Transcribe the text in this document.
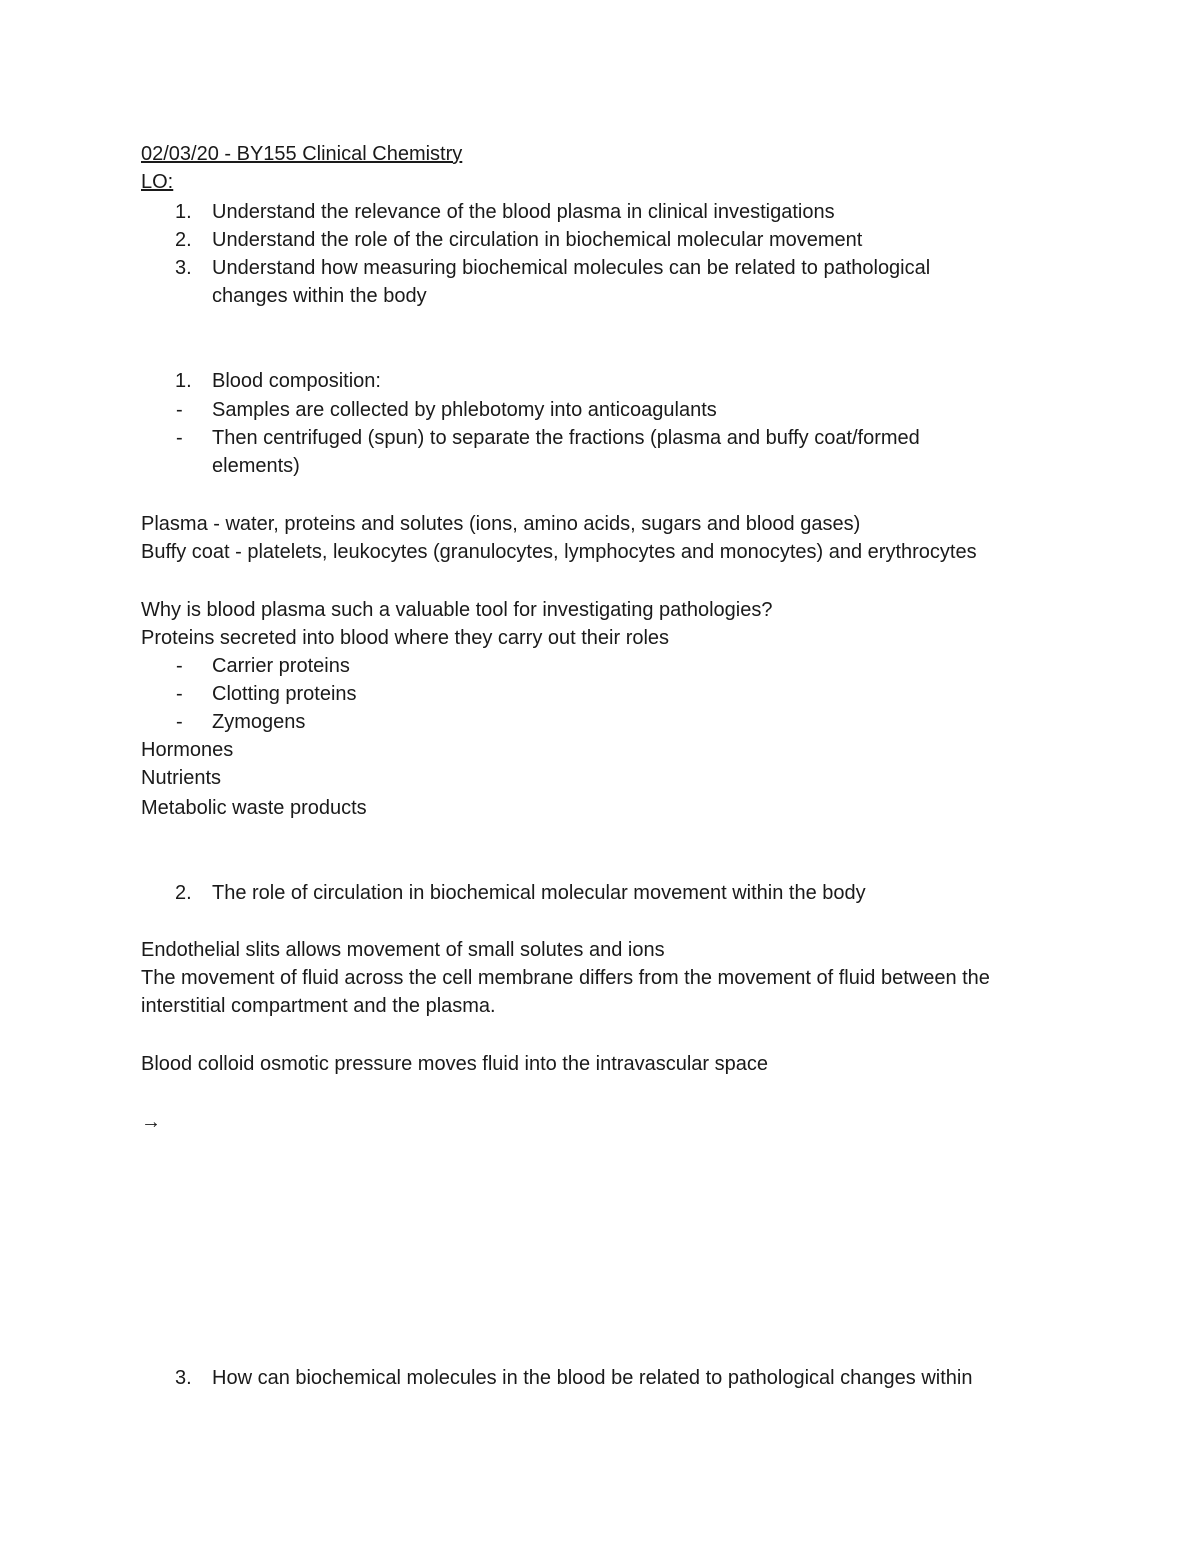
02/03/20 - BY155 Clinical Chemistry
LO:
1. Understand the relevance of the blood plasma in clinical investigations
2. Understand the role of the circulation in biochemical molecular movement
3. Understand how measuring biochemical molecules can be related to pathological
changes within the body
1. Blood composition:
- Samples are collected by phlebotomy into anticoagulants
- Then centrifuged (spun) to separate the fractions (plasma and buffy coat/formed
elements)
Plasma - water, proteins and solutes (ions, amino acids, sugars and blood gases)
Buffy coat - platelets, leukocytes (granulocytes, lymphocytes and monocytes) and erythrocytes
Why is blood plasma such a valuable tool for investigating pathologies?
Proteins secreted into blood where they carry out their roles
- Carrier proteins
- Clotting proteins
- Zymogens
Hormones
Nutrients
Metabolic waste products
2. The role of circulation in biochemical molecular movement within the body
Endothelial slits allows movement of small solutes and ions
The movement of fluid across the cell membrane differs from the movement of fluid between the
interstitial compartment and the plasma.
Blood colloid osmotic pressure moves fluid into the intravascular space
→
3. How can biochemical molecules in the blood be related to pathological changes within
